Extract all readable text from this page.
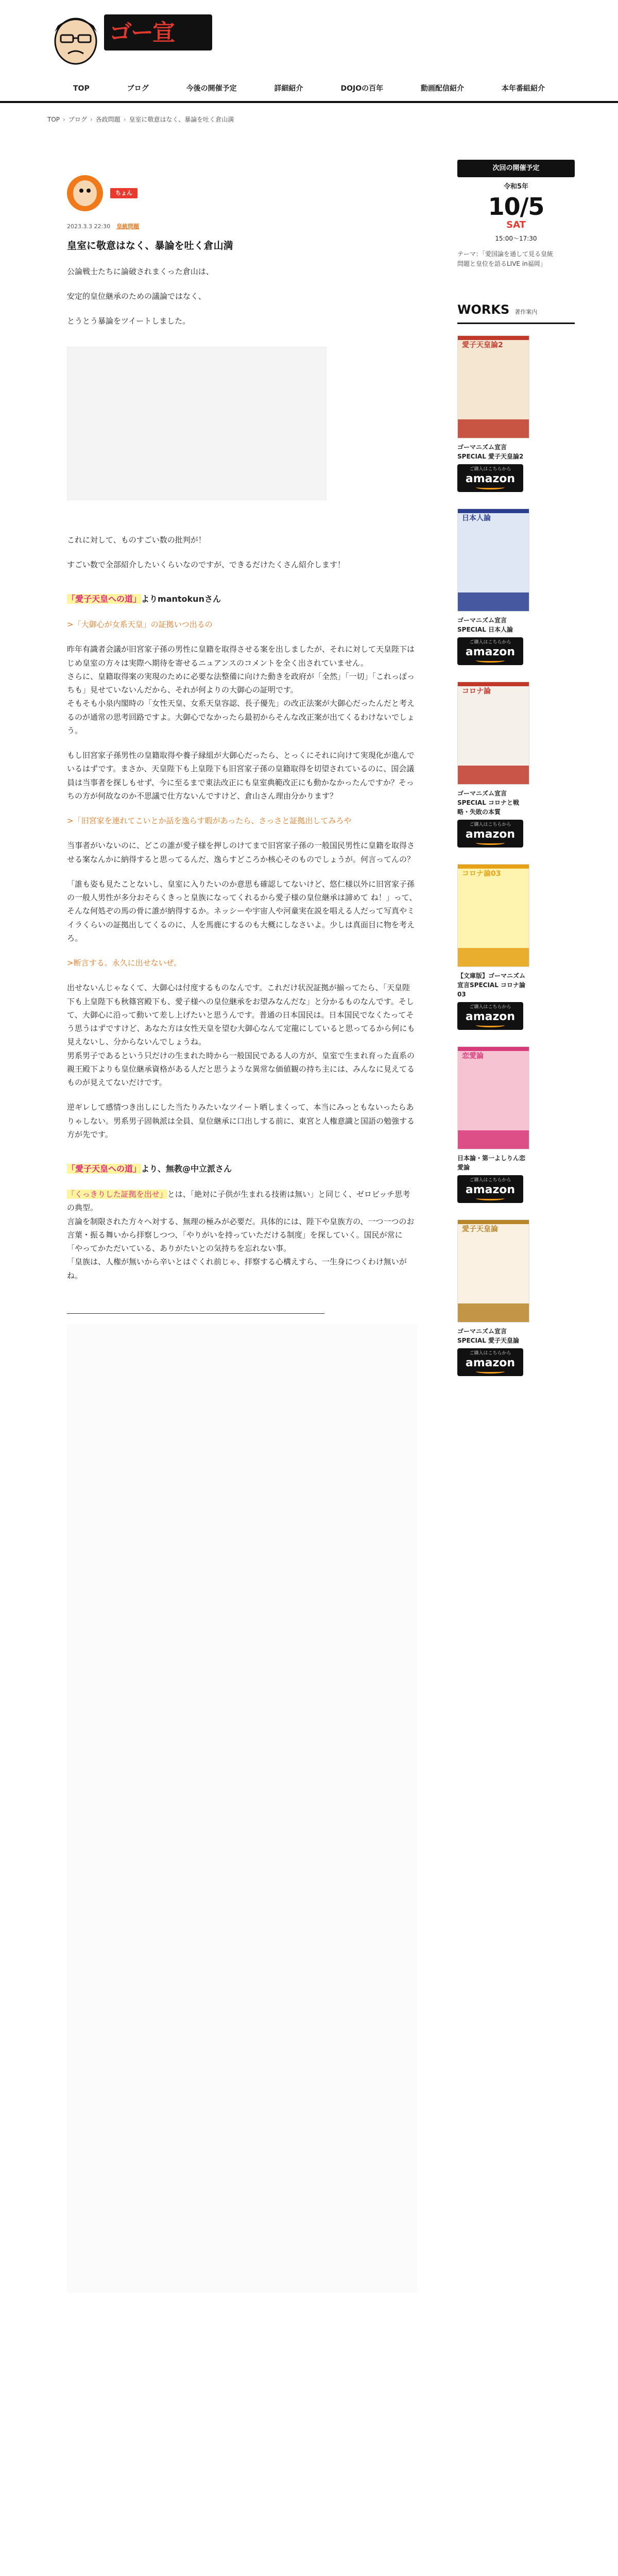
ゴー宣DOJO
TOP	ブログ	今後の開催予定	詳細紹介	DOJOの百年	動画配信紹介	本年番組紹介
TOP › ブログ › 各政問題 › 皇室に敬意はなく、暴論を吐く倉山満
ちょん
2023.3.3 22:30 皇統問題
皇室に敬意はなく、暴論を吐く倉山満

公論戦士たちに論破されまくった倉山は、

安定的皇位継承のための議論ではなく、

とうとう暴論をツイートしました。

これに対して、ものすごい数の批判が！

すごい数で全部紹介したいくらいなのですが、できるだけたくさん紹介します！

「愛子天皇への道」よりmantokunさん

>「大御心が女系天皇」の証拠いつ出るの

昨年有識者会議が旧宮家子孫の男性に皇籍を取得させる案を出しましたが、それに対して天皇陛下はじめ皇室の方々は実際へ期待を寄せるニュアンスのコメントを全く出されていません。

さらに、皇籍取得案の実現のために必要な法整備に向けた動きを政府が「全然」「一切」「これっぽっちも」見せていないんだから、それが何よりの大御心の証明です。

そもそも小泉内閣時の「女性天皇、女系天皇容認、長子優先」の改正法案が大御心だったんだと考えるのが通常の思考回路ですよ。大御心でなかったら最初からそんな改正案が出てくるわけないでしょう。

もし旧宮家子孫男性の皇籍取得や養子縁組が大御心だったら、とっくにそれに向けて実現化が進んでいるはずです。まさか、天皇陛下も上皇陛下も旧宮家子孫の皇籍取得を切望されているのに、国会議員は当事者を探しもせず、今に至るまで東法改正にも皇室典範改正にも動かなかったんですか？そっちの方が何故なのか不思議で仕方ないんですけど、倉山さん理由分かります？

>「旧宮家を連れてこいとか話を逸らす暇があったら、さっさと証拠出してみろや

当事者がいないのに、どこの誰が愛子様を押しのけてまで旧宮家子孫の一般国民男性に皇籍を取得させる案なんかに納得すると思ってるんだ、逸らすどころか核心そのものでしょうが。何言ってんの？

「誰も姿も見たことないし、皇室に入りたいのか意思も確認してないけど、悠仁様以外に旧宮家子孫の一般人男性が多分おそらくきっと皇族になってくれるから愛子様の皇位継承は諦めて ね！」って、そんな何処ぞの馬の骨に誰が納得するか。ネッシーや宇宙人や河童実在説を唱える人だって写真やミイラくらいの証拠出してくるのに、人を馬鹿にするのも大概にしなさいよ。少しは真面目に物を考えろ。

>断言する。永久に出せないぜ。

出せないんじゃなくて、大御心は付度するものなんです。これだけ状況証拠が揃ってたら、「天皇陛下も上皇陛下も秋篠宮殿下も、愛子様への皇位継承をお望みなんだな」と分かるものなんです。そして、大御心に沿って動いて差し上げたいと思うんです。普通の日本国民は。日本国民でなくたってそう思うはずですけど、あなた方は女性天皇を望む大御心なんて定龍にしていると思ってるから何にも見えないし、分からないんでしょうね。

男系男子であるという只だけの生まれた時から一般国民である人の方が、皇室で生まれ育った直系の親王殿下よりも皇位継承資格がある人だと思うような異常な価値観の持ち主には、みんなに見えてるものが見えてないだけです。

逆ギレして感情つき出しにした当たりみたいなツイート晒しまくって、本当にみっともないったらありゃしない。男系男子固執派は全員、皇位継承に口出しする前に、東宮と人権意識と国語の勉強する方が先です。

「愛子天皇への道」より、無教@中立派さん

「くっきりした証拠を出せ」とは、「絶対に子供が生まれる技術は無い」と同じく、ゼロビッチ思考の典型。

言論を制限された方々へ対する、無理の極みが必要だ。具体的には、陛下や皇族方の、一つ一つのお言葉・振る舞いから拝察しつつ、「やりがいを持っていただける制度」を探していく。国民が常に「やってかただいている、ありがたいとの気持ちを忘れない事。

「皇族は、人権が無いから辛いとはぐくれ前じゃ、拝察する心構えすら、一生身につくわけ無いがね。

次回の開催予定
令和5年
10/5
SAT
15:00〜17:30
テーマ：「愛国論を通して見る皇統問題と皇位を語るLIVE in福岡」
WORKS 著作案内
愛子天皇論2
ゴーマニズム宣言SPECIAL 愛子天皇論2
ご購入はこちらから
amazon
日本人論
ゴーマニズム宣言SPECIAL 日本人論
ご購入はこちらから
amazon
コロナ論
ゴーマニズム宣言SPECIAL コロナと戦略・失敗の本質
ご購入はこちらから
amazon
コロナ論03
【文庫版】ゴーマニズム宣言SPECIAL コロナ論03
ご購入はこちらから
amazon
恋愛論
日本論・第一よしりん恋愛論
ご購入はこちらから
amazon
愛子天皇論
ゴーマニズム宣言SPECIAL 愛子天皇論
ご購入はこちらから
amazon
